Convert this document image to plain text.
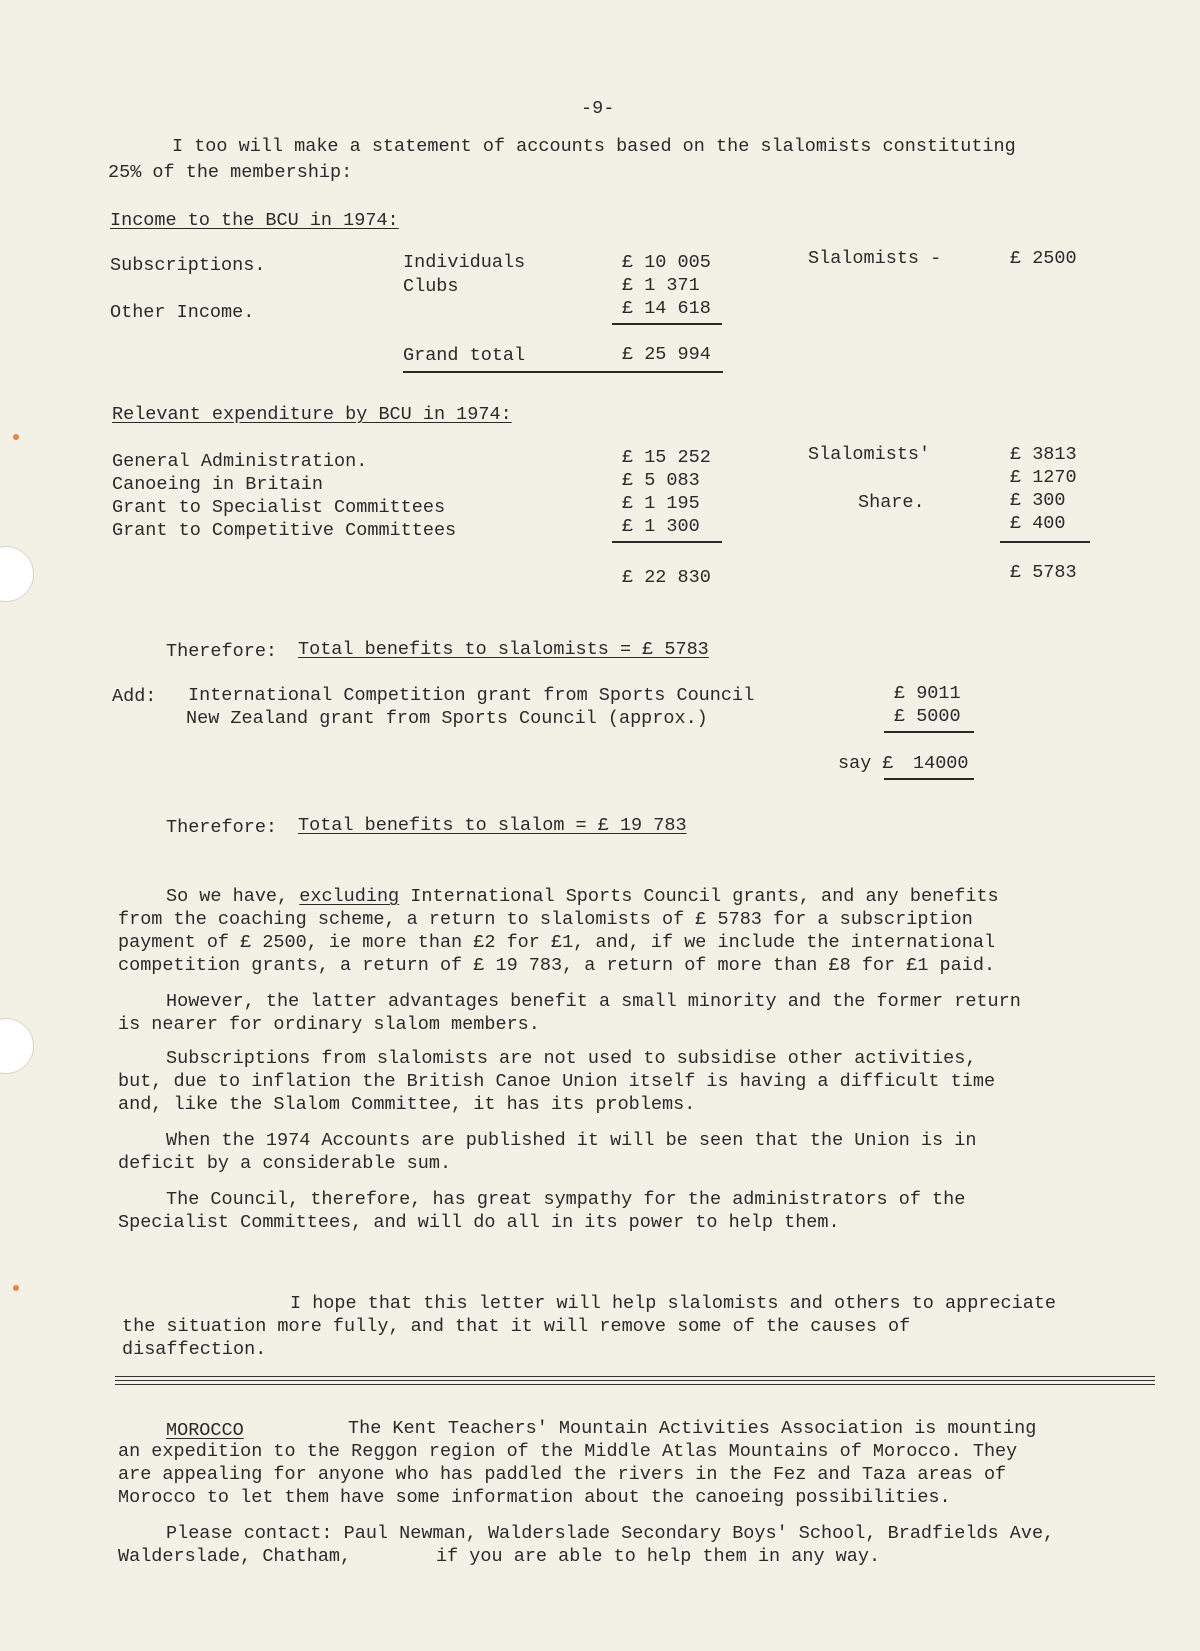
-9-
I too will make a statement of accounts based on the slalomists constituting
25% of the membership:
Income to the BCU in 1974:
Subscriptions.	Individuals	£ 10 005	Slalomists -	£ 2500
Clubs	£ 1 371
Other Income.	£ 14 618
Grand total	£ 25 994
Relevant expenditure by BCU in 1974:
General Administration.	£ 15 252	Slalomists'	£ 3813
Canoeing in Britain	£ 5 083	£ 1270
Grant to Specialist Committees	£ 1 195	Share.	£ 300
Grant to Competitive Committees	£ 1 300	£ 400
£ 22 830	£ 5783
Therefore: Total benefits to slalomists = £ 5783
Add: International Competition grant from Sports Council	£ 9011
New Zealand grant from Sports Council (approx.)	£ 5000
say £ 14000
Therefore: Total benefits to slalom = £ 19 783
So we have, excluding International Sports Council grants, and any benefits
from the coaching scheme, a return to slalomists of £ 5783 for a subscription
payment of £ 2500, ie more than £2 for £1, and, if we include the international
competition grants, a return of £ 19 783, a return of more than £8 for £1 paid.
However, the latter advantages benefit a small minority and the former return
is nearer for ordinary slalom members.
Subscriptions from slalomists are not used to subsidise other activities,
but, due to inflation the British Canoe Union itself is having a difficult time
and, like the Slalom Committee, it has its problems.
When the 1974 Accounts are published it will be seen that the Union is in
deficit by a considerable sum.
The Council, therefore, has great sympathy for the administrators of the
Specialist Committees, and will do all in its power to help them.
I hope that this letter will help slalomists and others to appreciate
the situation more fully, and that it will remove some of the causes of
disaffection.
MOROCCO	The Kent Teachers' Mountain Activities Association is mounting
an expedition to the Reggon region of the Middle Atlas Mountains of Morocco. They
are appealing for anyone who has paddled the rivers in the Fez and Taza areas of
Morocco to let them have some information about the canoeing possibilities.
Please contact: Paul Newman, Walderslade Secondary Boys' School, Bradfields Ave,
Walderslade, Chatham,	if you are able to help them in any way.
